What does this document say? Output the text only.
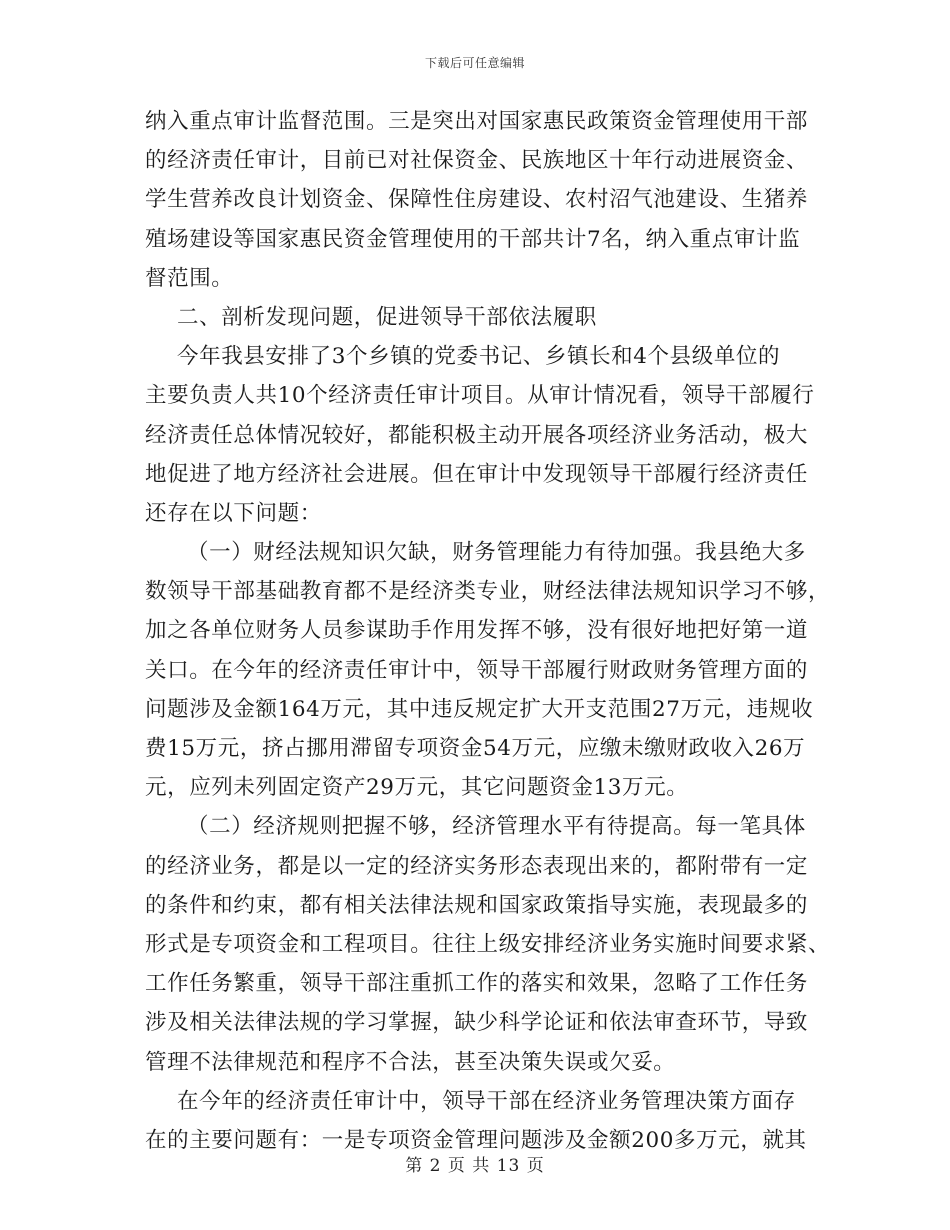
下载后可任意编辑
纳入重点审计监督范围。三是突出对国家惠民政策资金管理使用干部
的经济责任审计，目前已对社保资金、民族地区十年行动进展资金、
学生营养改良计划资金、保障性住房建设、农村沼气池建设、生猪养
殖场建设等国家惠民资金管理使用的干部共计7名，纳入重点审计监
督范围。
二、剖析发现问题，促进领导干部依法履职
今年我县安排了3个乡镇的党委书记、乡镇长和4个县级单位的
主要负责人共10个经济责任审计项目。从审计情况看，领导干部履行
经济责任总体情况较好，都能积极主动开展各项经济业务活动，极大
地促进了地方经济社会进展。但在审计中发现领导干部履行经济责任
还存在以下问题：
（一）财经法规知识欠缺，财务管理能力有待加强。我县绝大多
数领导干部基础教育都不是经济类专业，财经法律法规知识学习不够，
加之各单位财务人员参谋助手作用发挥不够，没有很好地把好第一道
关口。在今年的经济责任审计中，领导干部履行财政财务管理方面的
问题涉及金额164万元，其中违反规定扩大开支范围27万元，违规收
费15万元，挤占挪用滞留专项资金54万元，应缴未缴财政收入26万
元，应列未列固定资产29万元，其它问题资金13万元。
（二）经济规则把握不够，经济管理水平有待提高。每一笔具体
的经济业务，都是以一定的经济实务形态表现出来的，都附带有一定
的条件和约束，都有相关法律法规和国家政策指导实施，表现最多的
形式是专项资金和工程项目。往往上级安排经济业务实施时间要求紧、
工作任务繁重，领导干部注重抓工作的落实和效果，忽略了工作任务
涉及相关法律法规的学习掌握，缺少科学论证和依法审查环节，导致
管理不法律规范和程序不合法，甚至决策失误或欠妥。
在今年的经济责任审计中，领导干部在经济业务管理决策方面存
在的主要问题有：一是专项资金管理问题涉及金额200多万元，就其
第 2 页 共 13 页
